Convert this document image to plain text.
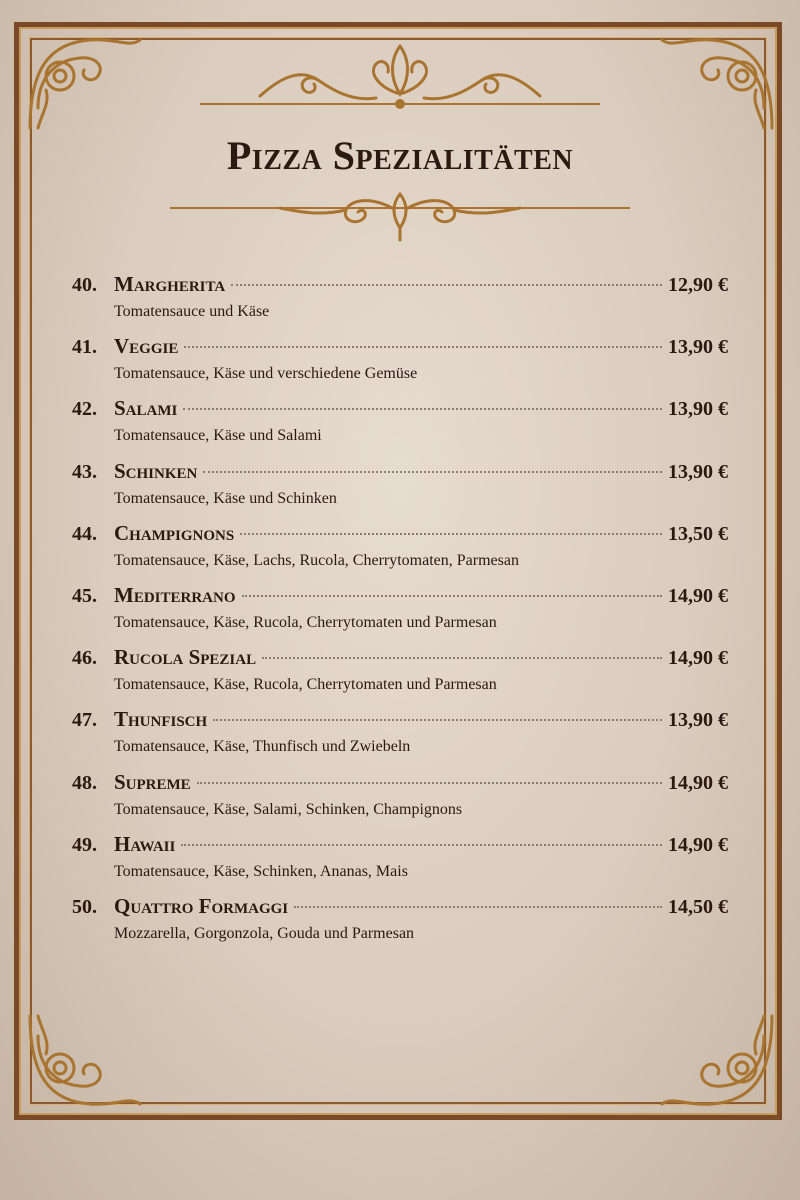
Pizza Spezialitäten
40. Margherita	12,90 €
Tomatensauce und Käse
41. Veggie	13,90 €
Tomatensauce, Käse und verschiedene Gemüse
42. Salami	13,90 €
Tomatensauce, Käse und Salami
43. Schinken	13,90 €
Tomatensauce, Käse und Schinken
44. Champignons	13,50 €
Tomatensauce, Käse, Lachs, Rucola, Cherrytomaten, Parmesan
45. Mediterrano	14,90 €
Tomatensauce, Käse, Rucola, Cherrytomaten und Parmesan
46. Rucola Spezial	14,90 €
Tomatensauce, Käse, Rucola, Cherrytomaten und Parmesan
47. Thunfisch	13,90 €
Tomatensauce, Käse, Thunfisch und Zwiebeln
48. Supreme	14,90 €
Tomatensauce, Käse, Salami, Schinken, Champignons
49. Hawaii	14,90 €
Tomatensauce, Käse, Schinken, Ananas, Mais
50. Quattro Formaggi	14,50 €
Mozzarella, Gorgonzola, Gouda und Parmesan
